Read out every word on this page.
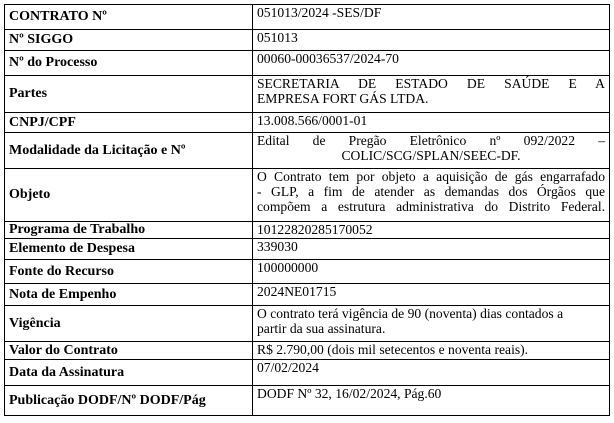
CONTRATO Nº	051013/2024 -SES/DF
Nº SIGGO	051013
Nº do Processo	00060-00036537/2024-70
Partes	SECRETARIA DE ESTADO DE SAÚDE E A
EMPRESA FORT GÁS LTDA.

CNPJ/CPF	13.008.566/0001-01
Modalidade da Licitação e Nº	Edital de Pregão Eletrônico nº 092/2022 –
COLIC/SCG/SPLAN/SEEC-DF.

Objeto	O Contrato tem por objeto a aquisição de gás engarrafado
- GLP, a fim de atender as demandas dos Órgãos que
compõem a estrutura administrativa do Distrito Federal.

Programa de Trabalho	10122820285170052
Elemento de Despesa	339030
Fonte do Recurso	100000000
Nota de Empenho	2024NE01715
Vigência	O contrato terá vigência de 90 (noventa) dias contados a
partir da sua assinatura.

Valor do Contrato	R$ 2.790,00 (dois mil setecentos e noventa reais).
Data da Assinatura	07/02/2024
Publicação DODF/Nº DODF/Pág	DODF Nº 32, 16/02/2024, Pág.60
